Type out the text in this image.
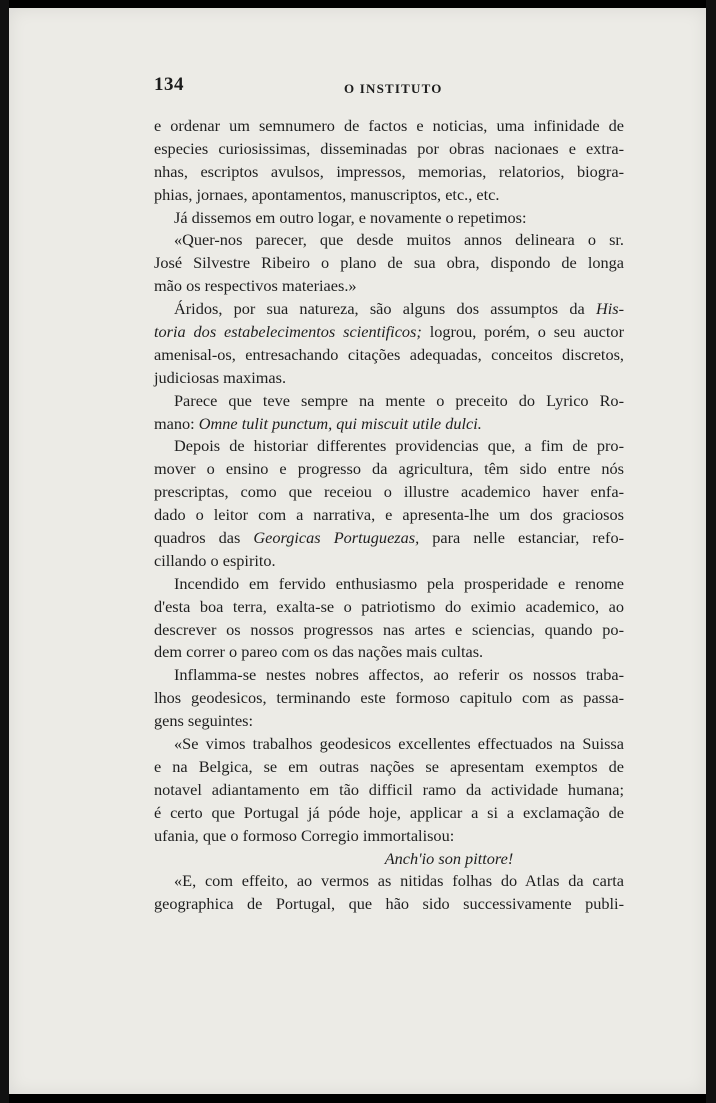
134	O INSTITUTO
e ordenar um semnumero de factos e noticias, uma infinidade de
especies curiosissimas, disseminadas por obras nacionaes e extra-
nhas, escriptos avulsos, impressos, memorias, relatorios, biogra-
phias, jornaes, apontamentos, manuscriptos, etc., etc.
Já dissemos em outro logar, e novamente o repetimos:
«Quer-nos parecer, que desde muitos annos delineara o sr.
José Silvestre Ribeiro o plano de sua obra, dispondo de longa
mão os respectivos materiaes.»
Áridos, por sua natureza, são alguns dos assumptos da His-
toria dos estabelecimentos scientificos; logrou, porém, o seu auctor
amenisal-os, entresachando citações adequadas, conceitos discretos,
judiciosas maximas.
Parece que teve sempre na mente o preceito do Lyrico Ro-
mano: Omne tulit punctum, qui miscuit utile dulci.
Depois de historiar differentes providencias que, a fim de pro-
mover o ensino e progresso da agricultura, têm sido entre nós
prescriptas, como que receiou o illustre academico haver enfa-
dado o leitor com a narrativa, e apresenta-lhe um dos graciosos
quadros das Georgicas Portuguezas, para nelle estanciar, refo-
cillando o espirito.
Incendido em fervido enthusiasmo pela prosperidade e renome
d'esta boa terra, exalta-se o patriotismo do eximio academico, ao
descrever os nossos progressos nas artes e sciencias, quando po-
dem correr o pareo com os das nações mais cultas.
Inflamma-se nestes nobres affectos, ao referir os nossos traba-
lhos geodesicos, terminando este formoso capitulo com as passa-
gens seguintes:
«Se vimos trabalhos geodesicos excellentes effectuados na Suissa
e na Belgica, se em outras nações se apresentam exemptos de
notavel adiantamento em tão difficil ramo da actividade humana;
é certo que Portugal já póde hoje, applicar a si a exclamação de
ufania, que o formoso Corregio immortalisou:
Anch'io son pittore!
«E, com effeito, ao vermos as nitidas folhas do Atlas da carta
geographica de Portugal, que hão sido successivamente publi-
